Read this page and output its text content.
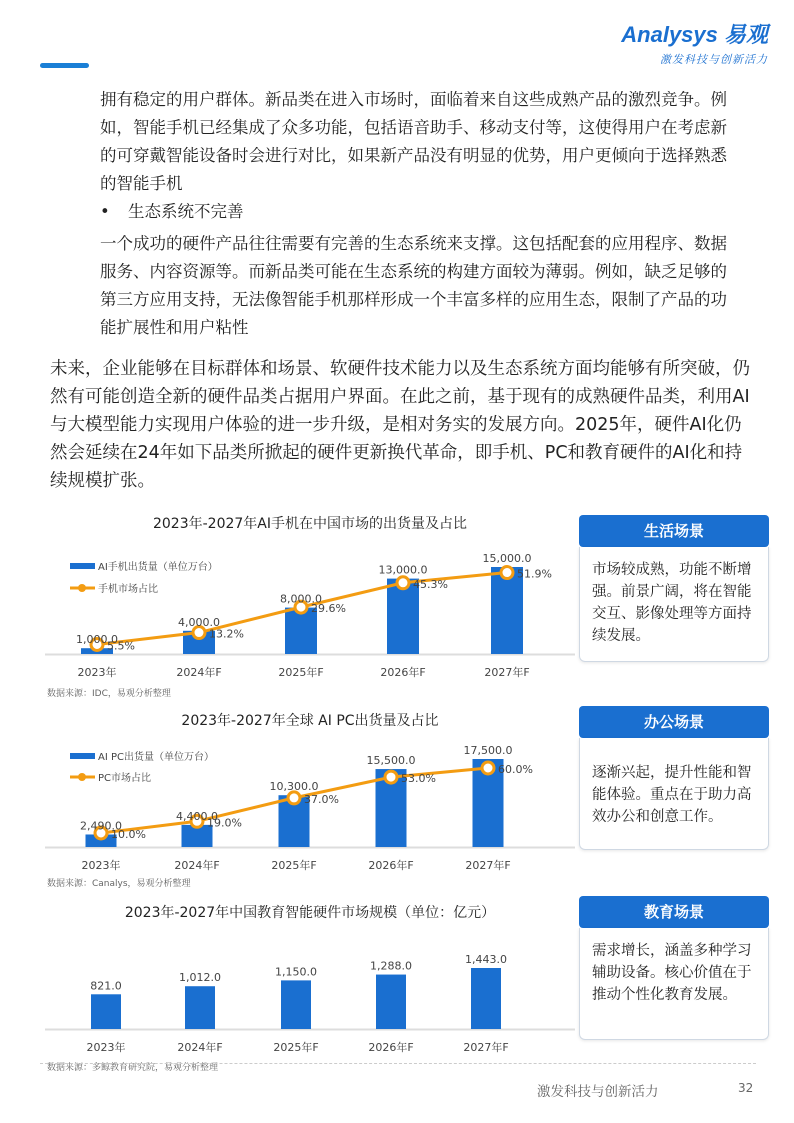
Analysys 易观
激发科技与创新活力
拥有稳定的用户群体。新品类在进入市场时，面临着来自这些成熟产品的激烈竞争。例如，智能手机已经集成了众多功能，包括语音助手、移动支付等，这使得用户在考虑新的可穿戴智能设备时会进行对比，如果新产品没有明显的优势，用户更倾向于选择熟悉的智能手机
• 生态系统不完善
一个成功的硬件产品往往需要有完善的生态系统来支撑。这包括配套的应用程序、数据服务、内容资源等。而新品类可能在生态系统的构建方面较为薄弱。例如，缺乏足够的第三方应用支持，无法像智能手机那样形成一个丰富多样的应用生态，限制了产品的功能扩展性和用户粘性
未来，企业能够在目标群体和场景、软硬件技术能力以及生态系统方面均能够有所突破，仍然有可能创造全新的硬件品类占据用户界面。在此之前，基于现有的成熟硬件品类，利用AI与大模型能力实现用户体验的进一步升级，是相对务实的发展方向。2025年，硬件AI化仍然会延续在24年如下品类所掀起的硬件更新换代革命，即手机、PC和教育硬件的AI化和持续规模扩张。
2023年-2027年AI手机在中国市场的出货量及占比
2023年	2024年F	2025年F	2026年F	2027年F
5.5%
13.2%
29.6%
45.3%
51.9%
AI手机出货量（单位万台）
手机市场占比
1,000.0
4,000.0
8,000.0
13,000.0
15,000.0
数据来源：IDC，易观分析整理
2023年-2027年全球 AI PC出货量及占比
2023年	2024年F	2025年F	2026年F	2027年F
10.0%
19.0%
37.0%
53.0%
60.0%
AI PC出货量（单位万台）
PC市场占比
2,490.0
4,400.0
10,300.0
15,500.0
17,500.0
数据来源：Canalys，易观分析整理
2023年-2027年中国教育智能硬件市场规模（单位：亿元）
2023年	2024年F	2025年F	2026年F	2027年F
821.0
1,012.0	1,150.0	1,288.0
1,443.0
数据来源：多鲸教育研究院，易观分析整理
生活场景
市场较成熟，功能不断增强。前景广阔，将在智能交互、影像处理等方面持续发展。
办公场景
逐渐兴起，提升性能和智能体验。重点在于助力高效办公和创意工作。
教育场景
需求增长，涵盖多种学习辅助设备。核心价值在于推动个性化教育发展。
激发科技与创新活力	32
